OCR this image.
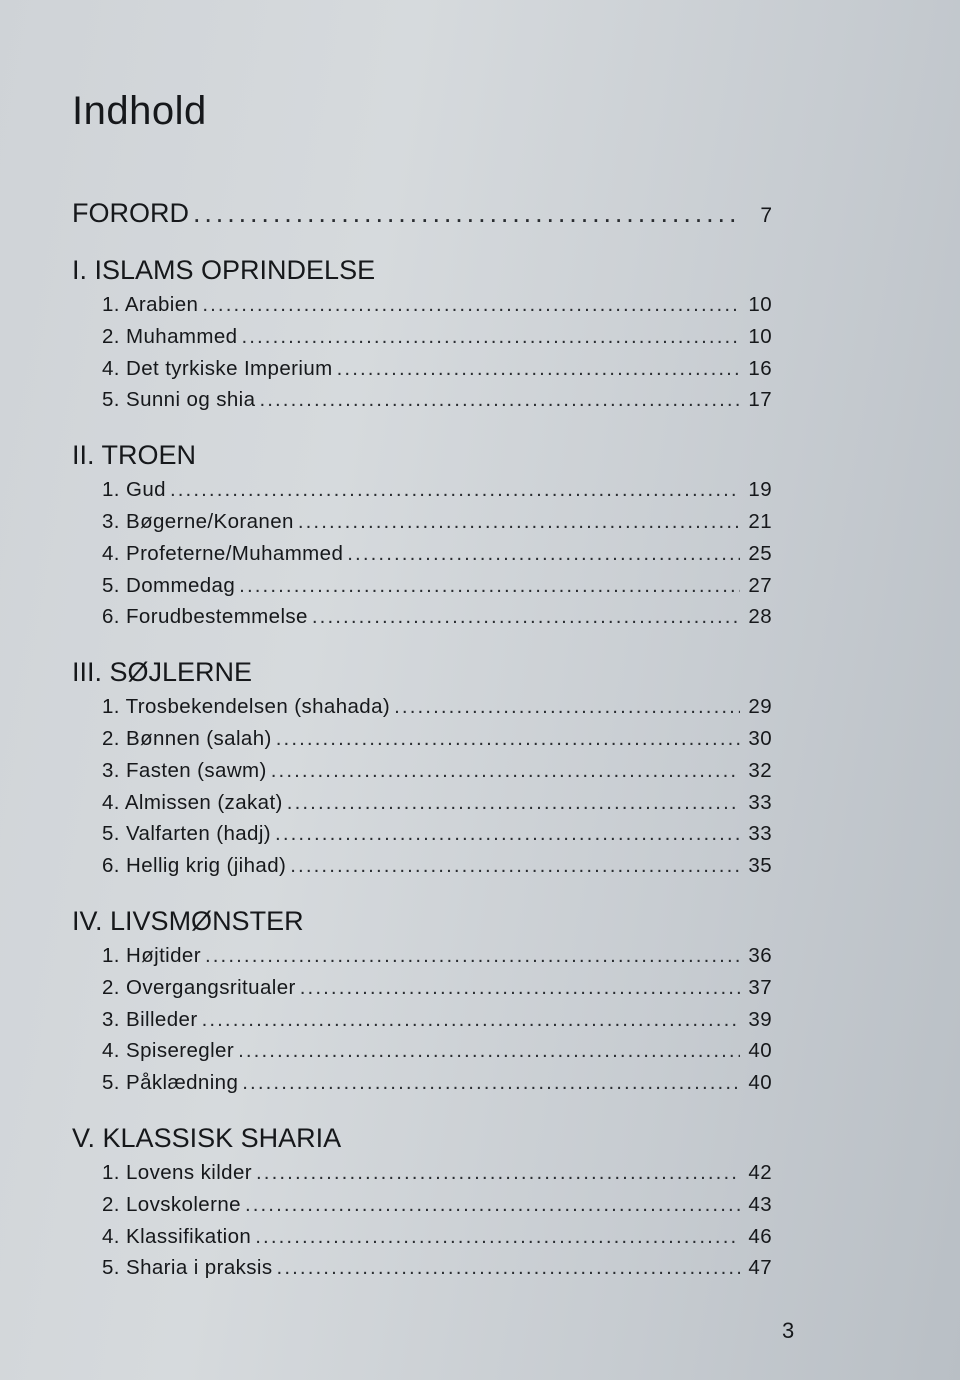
Indhold
FORORD . . .	7
I. ISLAMS OPRINDELSE
1. Arabien . . .	10
2. Muhammed . . .	10
4. Det tyrkiske Imperium . . .	16
5. Sunni og shia . . .	17
II. TROEN
1. Gud . . .	19
3. Bøgerne/Koranen . . .	21
4. Profeterne/Muhammed . . .	25
5. Dommedag . . .	27
6. Forudbestemmelse . . .	28
III. SØJLERNE
1. Trosbekendelsen (shahada) . . .	29
2. Bønnen (salah) . . .	30
3. Fasten (sawm) . . .	32
4. Almissen (zakat) . . .	33
5. Valfarten (hadj) . . .	33
6. Hellig krig (jihad) . . .	35
IV. LIVSMØNSTER
1. Højtider . . .	36
2. Overgangsritualer . . .	37
3. Billeder . . .	39
4. Spiseregler . . .	40
5. Påklædning . . .	40
V. KLASSISK SHARIA
1. Lovens kilder . . .	42
2. Lovskolerne . . .	43
4. Klassifikation . . .	46
5. Sharia i praksis . . .	47
3
